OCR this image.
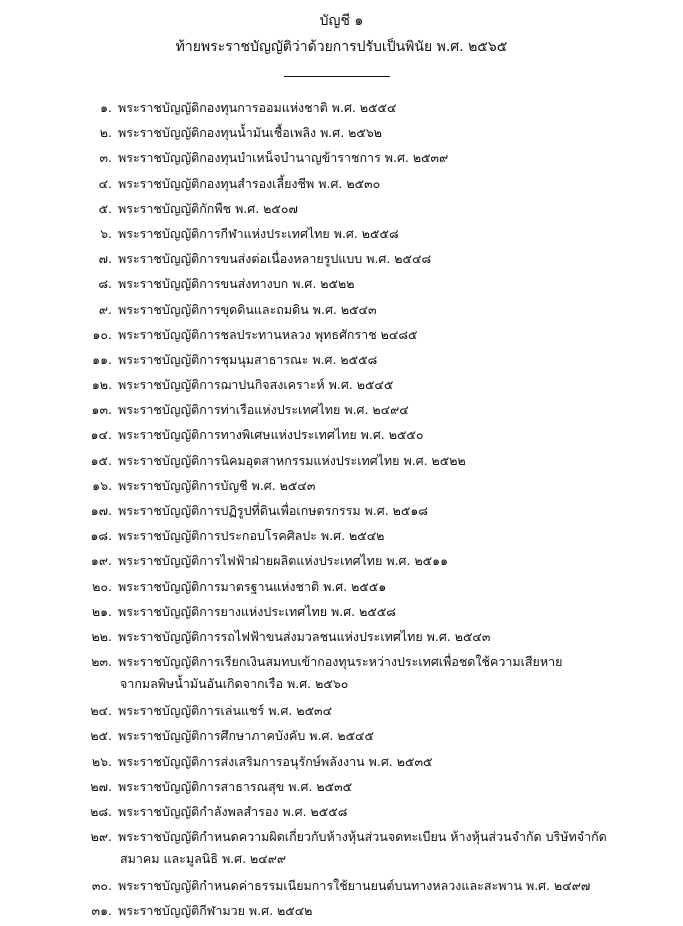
บัญชี ๑
ท้ายพระราชบัญญัติว่าด้วยการปรับเป็นพินัย พ.ศ. ๒๕๖๕
๑. พระราชบัญญัติกองทุนการออมแห่งชาติ พ.ศ. ๒๕๕๔
๒. พระราชบัญญัติกองทุนน้ำมันเชื้อเพลิง พ.ศ. ๒๕๖๒
๓. พระราชบัญญัติกองทุนบำเหน็จบำนาญข้าราชการ พ.ศ. ๒๕๓๙
๔. พระราชบัญญัติกองทุนสำรองเลี้ยงชีพ พ.ศ. ๒๕๓๐
๕. พระราชบัญญัติกักพืช พ.ศ. ๒๕๐๗
๖. พระราชบัญญัติการกีฬาแห่งประเทศไทย พ.ศ. ๒๕๕๘
๗. พระราชบัญญัติการขนส่งต่อเนื่องหลายรูปแบบ พ.ศ. ๒๕๔๘
๘. พระราชบัญญัติการขนส่งทางบก พ.ศ. ๒๕๒๒
๙. พระราชบัญญัติการขุดดินและถมดิน พ.ศ. ๒๕๔๓
๑๐. พระราชบัญญัติการชลประทานหลวง พุทธศักราช ๒๔๘๕
๑๑. พระราชบัญญัติการชุมนุมสาธารณะ พ.ศ. ๒๕๕๘
๑๒. พระราชบัญญัติการฌาปนกิจสงเคราะห์ พ.ศ. ๒๕๔๕
๑๓. พระราชบัญญัติการท่าเรือแห่งประเทศไทย พ.ศ. ๒๔๙๔
๑๔. พระราชบัญญัติการทางพิเศษแห่งประเทศไทย พ.ศ. ๒๕๕๐
๑๕. พระราชบัญญัติการนิคมอุตสาหกรรมแห่งประเทศไทย พ.ศ. ๒๕๒๒
๑๖. พระราชบัญญัติการบัญชี พ.ศ. ๒๕๔๓
๑๗. พระราชบัญญัติการปฏิรูปที่ดินเพื่อเกษตรกรรม พ.ศ. ๒๕๑๘
๑๘. พระราชบัญญัติการประกอบโรคศิลปะ พ.ศ. ๒๕๔๒
๑๙. พระราชบัญญัติการไฟฟ้าฝ่ายผลิตแห่งประเทศไทย พ.ศ. ๒๕๑๑
๒๐. พระราชบัญญัติการมาตรฐานแห่งชาติ พ.ศ. ๒๕๕๑
๒๑. พระราชบัญญัติการยางแห่งประเทศไทย พ.ศ. ๒๕๕๘
๒๒. พระราชบัญญัติการรถไฟฟ้าขนส่งมวลชนแห่งประเทศไทย พ.ศ. ๒๕๔๓
๒๓. พระราชบัญญัติการเรียกเงินสมทบเข้ากองทุนระหว่างประเทศเพื่อชดใช้ความเสียหาย
จากมลพิษน้ำมันอันเกิดจากเรือ พ.ศ. ๒๕๖๐
๒๔. พระราชบัญญัติการเล่นแชร์ พ.ศ. ๒๕๓๔
๒๕. พระราชบัญญัติการศึกษาภาคบังคับ พ.ศ. ๒๕๔๕
๒๖. พระราชบัญญัติการส่งเสริมการอนุรักษ์พลังงาน พ.ศ. ๒๕๓๕
๒๗. พระราชบัญญัติการสาธารณสุข พ.ศ. ๒๕๓๕
๒๘. พระราชบัญญัติกำลังพลสำรอง พ.ศ. ๒๕๕๘
๒๙. พระราชบัญญัติกำหนดความผิดเกี่ยวกับห้างหุ้นส่วนจดทะเบียน ห้างหุ้นส่วนจำกัด บริษัทจำกัด
สมาคม และมูลนิธิ พ.ศ. ๒๔๙๙
๓๐. พระราชบัญญัติกำหนดค่าธรรมเนียมการใช้ยานยนต์บนทางหลวงและสะพาน พ.ศ. ๒๔๙๗
๓๑. พระราชบัญญัติกีฬามวย พ.ศ. ๒๕๔๒
